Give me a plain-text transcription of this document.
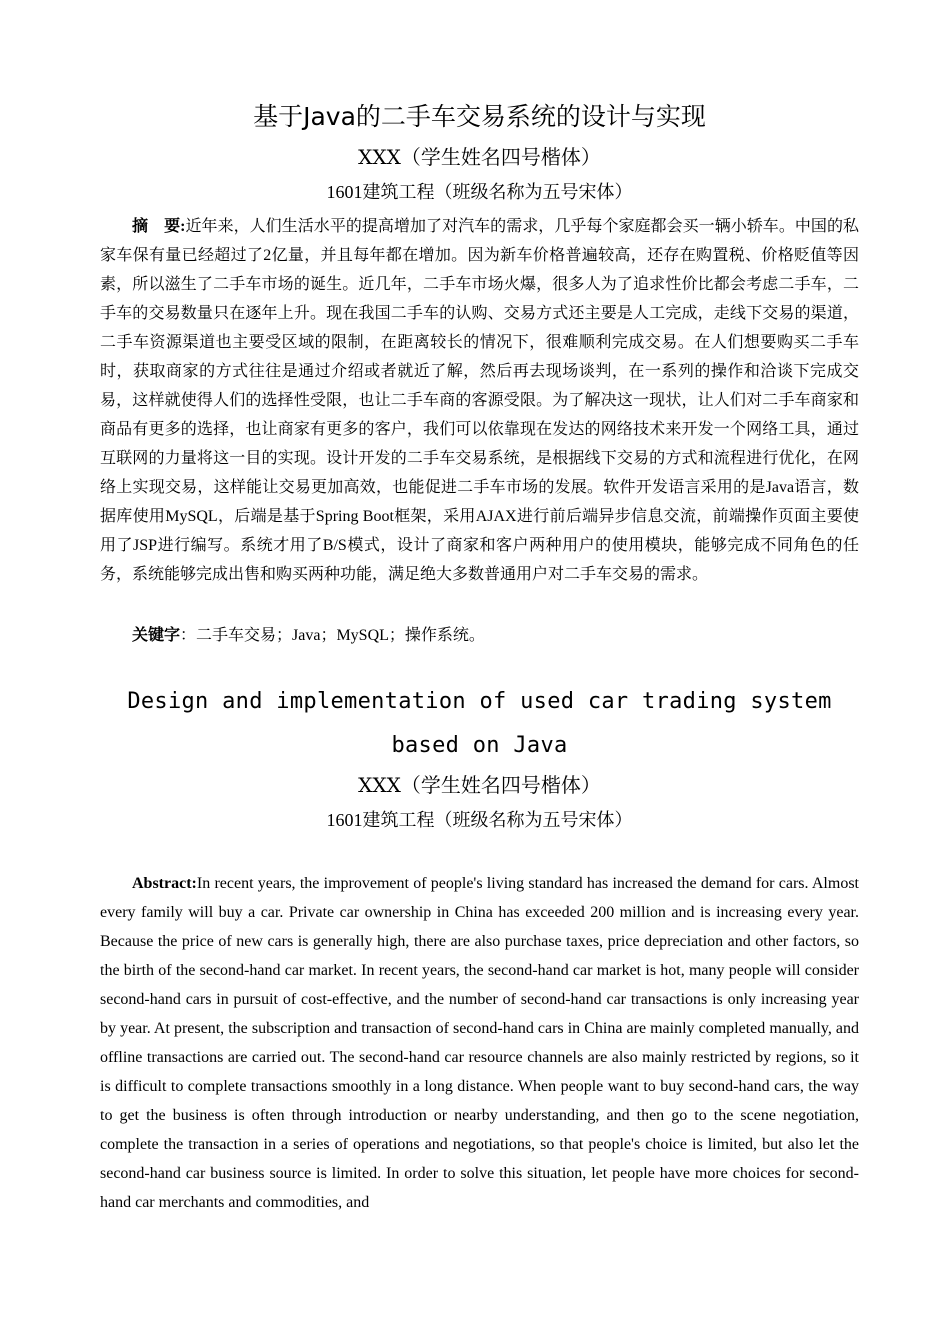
基于Java的二手车交易系统的设计与实现
XXX（学生姓名四号楷体）
1601建筑工程（班级名称为五号宋体）

摘　要:近年来，人们生活水平的提高增加了对汽车的需求，几乎每个家庭都会买一辆小轿车。中国的私家车保有量已经超过了2亿量，并且每年都在增加。因为新车价格普遍较高，还存在购置税、价格贬值等因素，所以滋生了二手车市场的诞生。近几年，二手车市场火爆，很多人为了追求性价比都会考虑二手车，二手车的交易数量只在逐年上升。现在我国二手车的认购、交易方式还主要是人工完成，走线下交易的渠道，二手车资源渠道也主要受区域的限制，在距离较长的情况下，很难顺利完成交易。在人们想要购买二手车时，获取商家的方式往往是通过介绍或者就近了解，然后再去现场谈判，在一系列的操作和洽谈下完成交易，这样就使得人们的选择性受限，也让二手车商的客源受限。为了解决这一现状，让人们对二手车商家和商品有更多的选择，也让商家有更多的客户，我们可以依靠现在发达的网络技术来开发一个网络工具，通过互联网的力量将这一目的实现。设计开发的二手车交易系统，是根据线下交易的方式和流程进行优化，在网络上实现交易，这样能让交易更加高效，也能促进二手车市场的发展。软件开发语言采用的是Java语言，数据库使用MySQL，后端是基于Spring Boot框架，采用AJAX进行前后端异步信息交流，前端操作页面主要使用了JSP进行编写。系统才用了B/S模式，设计了商家和客户两种用户的使用模块，能够完成不同角色的任务，系统能够完成出售和购买两种功能，满足绝大多数普通用户对二手车交易的需求。

关键字：二手车交易；Java；MySQL；操作系统。

Design and implementation of used car trading system based on Java
XXX（学生姓名四号楷体）
1601建筑工程（班级名称为五号宋体）

Abstract:In recent years, the improvement of people's living standard has increased the demand for cars. Almost every family will buy a car. Private car ownership in China has exceeded 200 million and is increasing every year. Because the price of new cars is generally high, there are also purchase taxes, price depreciation and other factors, so the birth of the second-hand car market. In recent years, the second-hand car market is hot, many people will consider second-hand cars in pursuit of cost-effective, and the number of second-hand car transactions is only increasing year by year. At present, the subscription and transaction of second-hand cars in China are mainly completed manually, and offline transactions are carried out. The second-hand car resource channels are also mainly restricted by regions, so it is difficult to complete transactions smoothly in a long distance. When people want to buy second-hand cars, the way to get the business is often through introduction or nearby understanding, and then go to the scene negotiation, complete the transaction in a series of operations and negotiations, so that people's choice is limited, but also let the second-hand car business source is limited. In order to solve this situation, let people have more choices for second-hand car merchants and commodities, and
